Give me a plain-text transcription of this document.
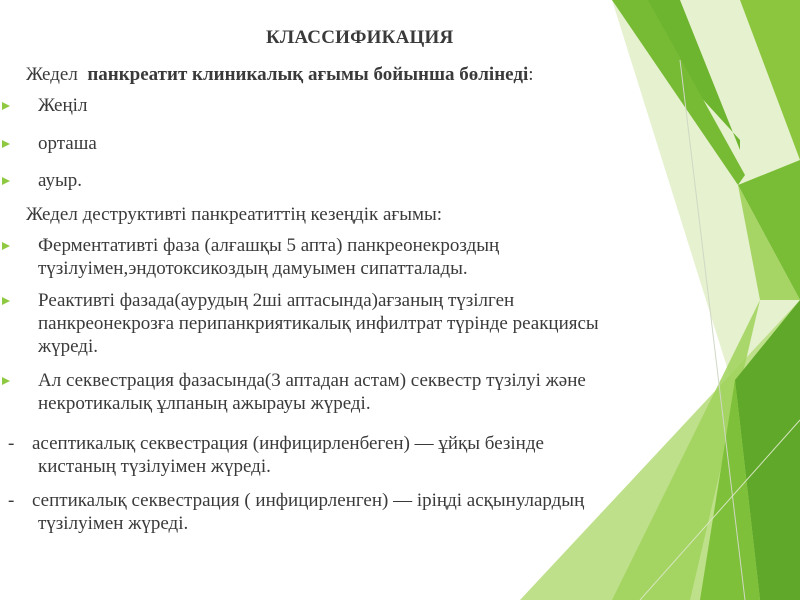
КЛАССИФИКАЦИЯ
Жедел панкреатит клиникалық ағымы бойынша бөлінеді:
Жеңіл
орташа
ауыр.
Жедел деструктивті панкреатиттің кезеңдік ағымы:
Ферментативті фаза (алғашқы 5 апта) панкреонекроздың
түзілуімен,эндотоксикоздың дамуымен сипатталады.
Реактивті фазада(аурудың 2ші аптасында)ағзаның түзілген
панкреонекрозға перипанкриятикалық инфилтрат түрінде реакциясы
жүреді.
Ал секвестрация фазасында(3 аптадан астам) секвестр түзілуі және
некротикалық ұлпаның ажырауы жүреді.
- асептикалық секвестрация (инфицирленбеген) — ұйқы безінде
кистаның түзілуімен жүреді.
- септикалық секвестрация ( инфицирленген) — іріңді асқынулардың
түзілуімен жүреді.
